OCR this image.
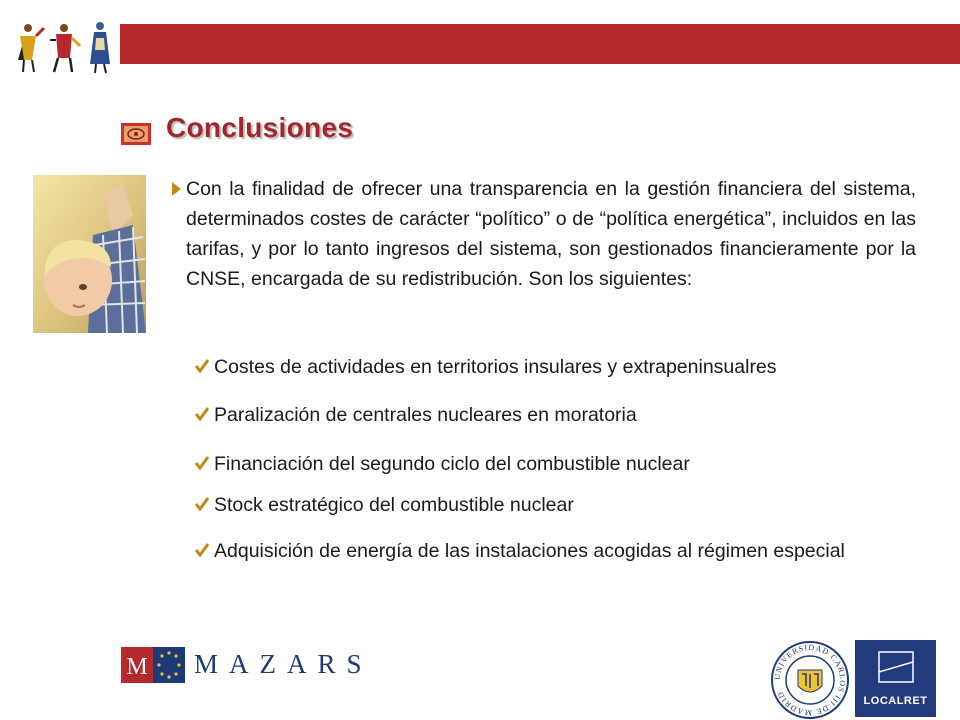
Conclusiones
Con la finalidad de ofrecer una transparencia en la gestión financiera del sistema, determinados costes de carácter “político” o de “política energética”, incluidos en las tarifas, y por lo tanto ingresos del sistema, son gestionados financieramente por la CNSE, encargada de su redistribución. Son los siguientes:
Costes de actividades en territorios insulares y extrapeninsualres
Paralización de centrales nucleares en moratoria
Financiación del segundo ciclo del combustible nuclear
Stock estratégico del combustible nuclear
Adquisición de energía de las instalaciones acogidas al régimen especial
M MAZARS	UNIVERSIDAD CARLOS III DE MADRID
LOCALRET
